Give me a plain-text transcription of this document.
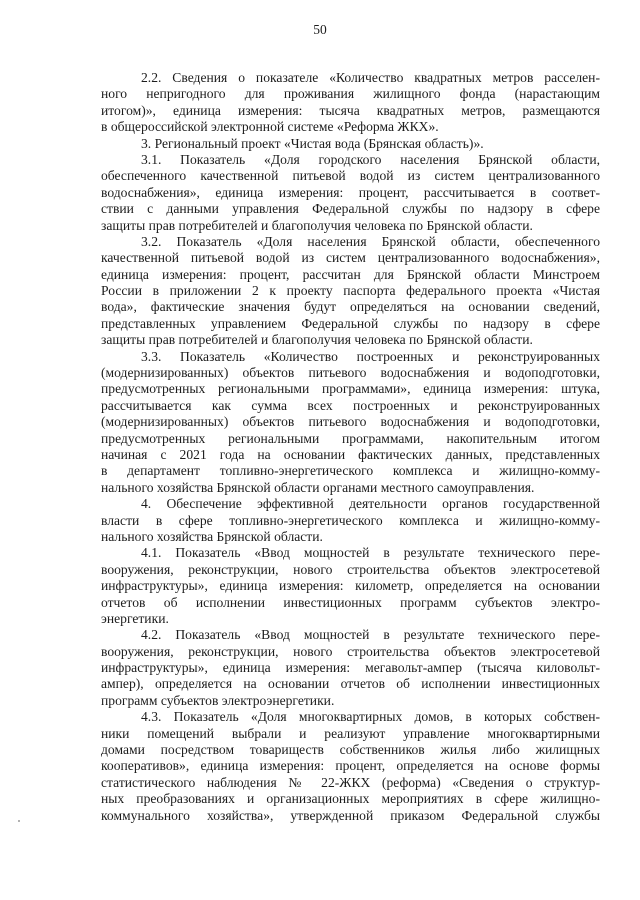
50
2.2. Сведения о показателе «Количество квадратных метров расселен-
ного непригодного для проживания жилищного фонда (нарастающим
итогом)», единица измерения: тысяча квадратных метров, размещаются
в общероссийской электронной системе «Реформа ЖКХ».
3. Региональный проект «Чистая вода (Брянская область)».
3.1. Показатель «Доля городского населения Брянской области,
обеспеченного качественной питьевой водой из систем централизованного
водоснабжения», единица измерения: процент, рассчитывается в соответ-
ствии с данными управления Федеральной службы по надзору в сфере
защиты прав потребителей и благополучия человека по Брянской области.
3.2. Показатель «Доля населения Брянской области, обеспеченного
качественной питьевой водой из систем централизованного водоснабжения»,
единица измерения: процент, рассчитан для Брянской области Минстроем
России в приложении 2 к проекту паспорта федерального проекта «Чистая
вода», фактические значения будут определяться на основании сведений,
представленных управлением Федеральной службы по надзору в сфере
защиты прав потребителей и благополучия человека по Брянской области.
3.3. Показатель «Количество построенных и реконструированных
(модернизированных) объектов питьевого водоснабжения и водоподготовки,
предусмотренных региональными программами», единица измерения: штука,
рассчитывается как сумма всех построенных и реконструированных
(модернизированных) объектов питьевого водоснабжения и водоподготовки,
предусмотренных региональными программами, накопительным итогом
начиная с 2021 года на основании фактических данных, представленных
в департамент топливно-энергетического комплекса и жилищно-комму-
нального хозяйства Брянской области органами местного самоуправления.
4. Обеспечение эффективной деятельности органов государственной
власти в сфере топливно-энергетического комплекса и жилищно-комму-
нального хозяйства Брянской области.
4.1. Показатель «Ввод мощностей в результате технического пере-
вооружения, реконструкции, нового строительства объектов электросетевой
инфраструктуры», единица измерения: километр, определяется на основании
отчетов об исполнении инвестиционных программ субъектов электро-
энергетики.
4.2. Показатель «Ввод мощностей в результате технического пере-
вооружения, реконструкции, нового строительства объектов электросетевой
инфраструктуры», единица измерения: мегавольт-ампер (тысяча киловольт-
ампер), определяется на основании отчетов об исполнении инвестиционных
программ субъектов электроэнергетики.
4.3. Показатель «Доля многоквартирных домов, в которых собствен-
ники помещений выбрали и реализуют управление многоквартирными
домами посредством товариществ собственников жилья либо жилищных
кооперативов», единица измерения: процент, определяется на основе формы
статистического наблюдения № 22-ЖКХ (реформа) «Сведения о структур-
ных преобразованиях и организационных мероприятиях в сфере жилищно-
коммунального хозяйства», утвержденной приказом Федеральной службы
